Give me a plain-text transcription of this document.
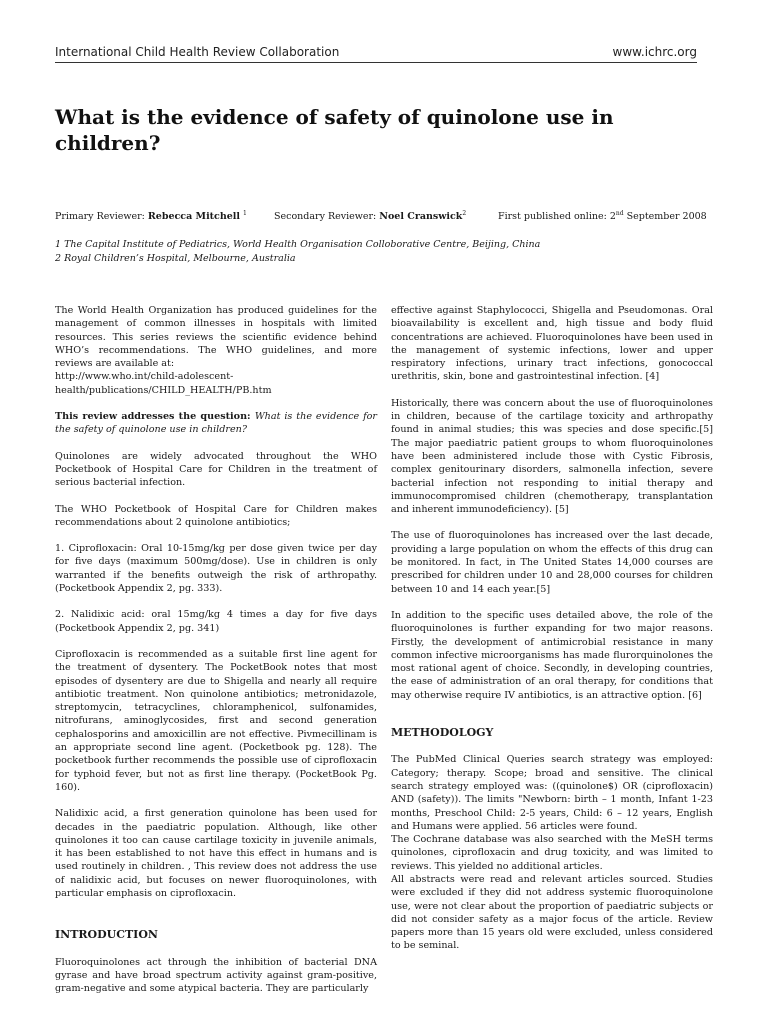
International Child Health Review Collaboration	www.ichrc.org
What is the evidence of safety of quinolone use in children?
Primary Reviewer: Rebecca Mitchell $^1$	Secondary Reviewer: Noel Cranswick$^2$	First published online: 2nd September 2008
1 The Capital Institute of Pediatrics, World Health Organisation Colloborative Centre, Beijing, China
2 Royal Children’s Hospital, Melbourne, Australia

The World Health Organization has produced guidelines for the management of common illnesses in hospitals with limited resources. This series reviews the scientific evidence behind WHO’s recommendations. The WHO guidelines, and more reviews are available at:
http://www.who.int/child-adolescent-
health/publications/CHILD_HEALTH/PB.htm

This review addresses the question: What is the evidence for the safety of quinolone use in children?

Quinolones are widely advocated throughout the WHO Pocketbook of Hospital Care for Children in the treatment of serious bacterial infection.

The WHO Pocketbook of Hospital Care for Children makes recommendations about 2 quinolone antibiotics;

1. Ciprofloxacin: Oral 10-15mg/kg per dose given twice per day for five days (maximum 500mg/dose). Use in children is only warranted if the benefits outweigh the risk of arthropathy. (Pocketbook Appendix 2, pg. 333).

2. Nalidixic acid: oral 15mg/kg 4 times a day for five days (Pocketbook Appendix 2, pg. 341)

Ciprofloxacin is recommended as a suitable first line agent for the treatment of dysentery. The PocketBook notes that most episodes of dysentery are due to Shigella and nearly all require antibiotic treatment. Non quinolone antibiotics; metronidazole, streptomycin, tetracyclines, chloramphenicol, sulfonamides, nitrofurans, aminoglycosides, first and second generation cephalosporins and amoxicillin are not effective. Pivmecillinam is an appropriate second line agent. (Pocketbook pg. 128). The pocketbook further recommends the possible use of ciprofloxacin for typhoid fever, but not as first line therapy. (PocketBook Pg. 160).

Nalidixic acid, a first generation quinolone has been used for decades in the paediatric population. Although, like other quinolones it too can cause cartilage toxicity in juvenile animals, it has been established to not have this effect in humans and is used routinely in children. , This review does not address the use of nalidixic acid, but focuses on newer fluoroquinolones, with particular emphasis on ciprofloxacin.

INTRODUCTION

Fluoroquinolones act through the inhibition of bacterial DNA gyrase and have broad spectrum activity against gram-positive, gram-negative and some atypical bacteria. They are particularly

effective against Staphylococci, Shigella and Pseudomonas. Oral bioavailability is excellent and, high tissue and body fluid concentrations are achieved. Fluoroquinolones have been used in the management of systemic infections, lower and upper respiratory infections, urinary tract infections, gonococcal urethritis, skin, bone and gastrointestinal infection. [4]

Historically, there was concern about the use of fluoroquinolones in children, because of the cartilage toxicity and arthropathy found in animal studies; this was species and dose specific.[5] The major paediatric patient groups to whom fluoroquinolones have been administered include those with Cystic Fibrosis, complex genitourinary disorders, salmonella infection, severe bacterial infection not responding to initial therapy and immunocompromised children (chemotherapy, transplantation and inherent immunodeficiency). [5]

The use of fluoroquinolones has increased over the last decade, providing a large population on whom the effects of this drug can be monitored. In fact, in The United States 14,000 courses are prescribed for children under 10 and 28,000 courses for children between 10 and 14 each year.[5]

In addition to the specific uses detailed above, the role of the fluoroquinolones is further expanding for two major reasons. Firstly, the development of antimicrobial resistance in many common infective microorganisms has made flurorquinolones the most rational agent of choice. Secondly, in developing countries, the ease of administration of an oral therapy, for conditions that may otherwise require IV antibiotics, is an attractive option. [6]

METHODOLOGY

The PubMed Clinical Queries search strategy was employed: Category; therapy. Scope; broad and sensitive. The clinical search strategy employed was: ((quinolone$) OR (ciprofloxacin) AND (safety)). The limits "Newborn: birth – 1 month, Infant 1-23 months, Preschool Child: 2-5 years, Child: 6 – 12 years, English and Humans were applied. 56 articles were found.

The Cochrane database was also searched with the MeSH terms quinolones, ciprofloxacin and drug toxicity, and was limited to reviews. This yielded no additional articles.

All abstracts were read and relevant articles sourced. Studies were excluded if they did not address systemic fluoroquinolone use, were not clear about the proportion of paediatric subjects or did not consider safety as a major focus of the article. Review papers more than 15 years old were excluded, unless considered to be seminal.
